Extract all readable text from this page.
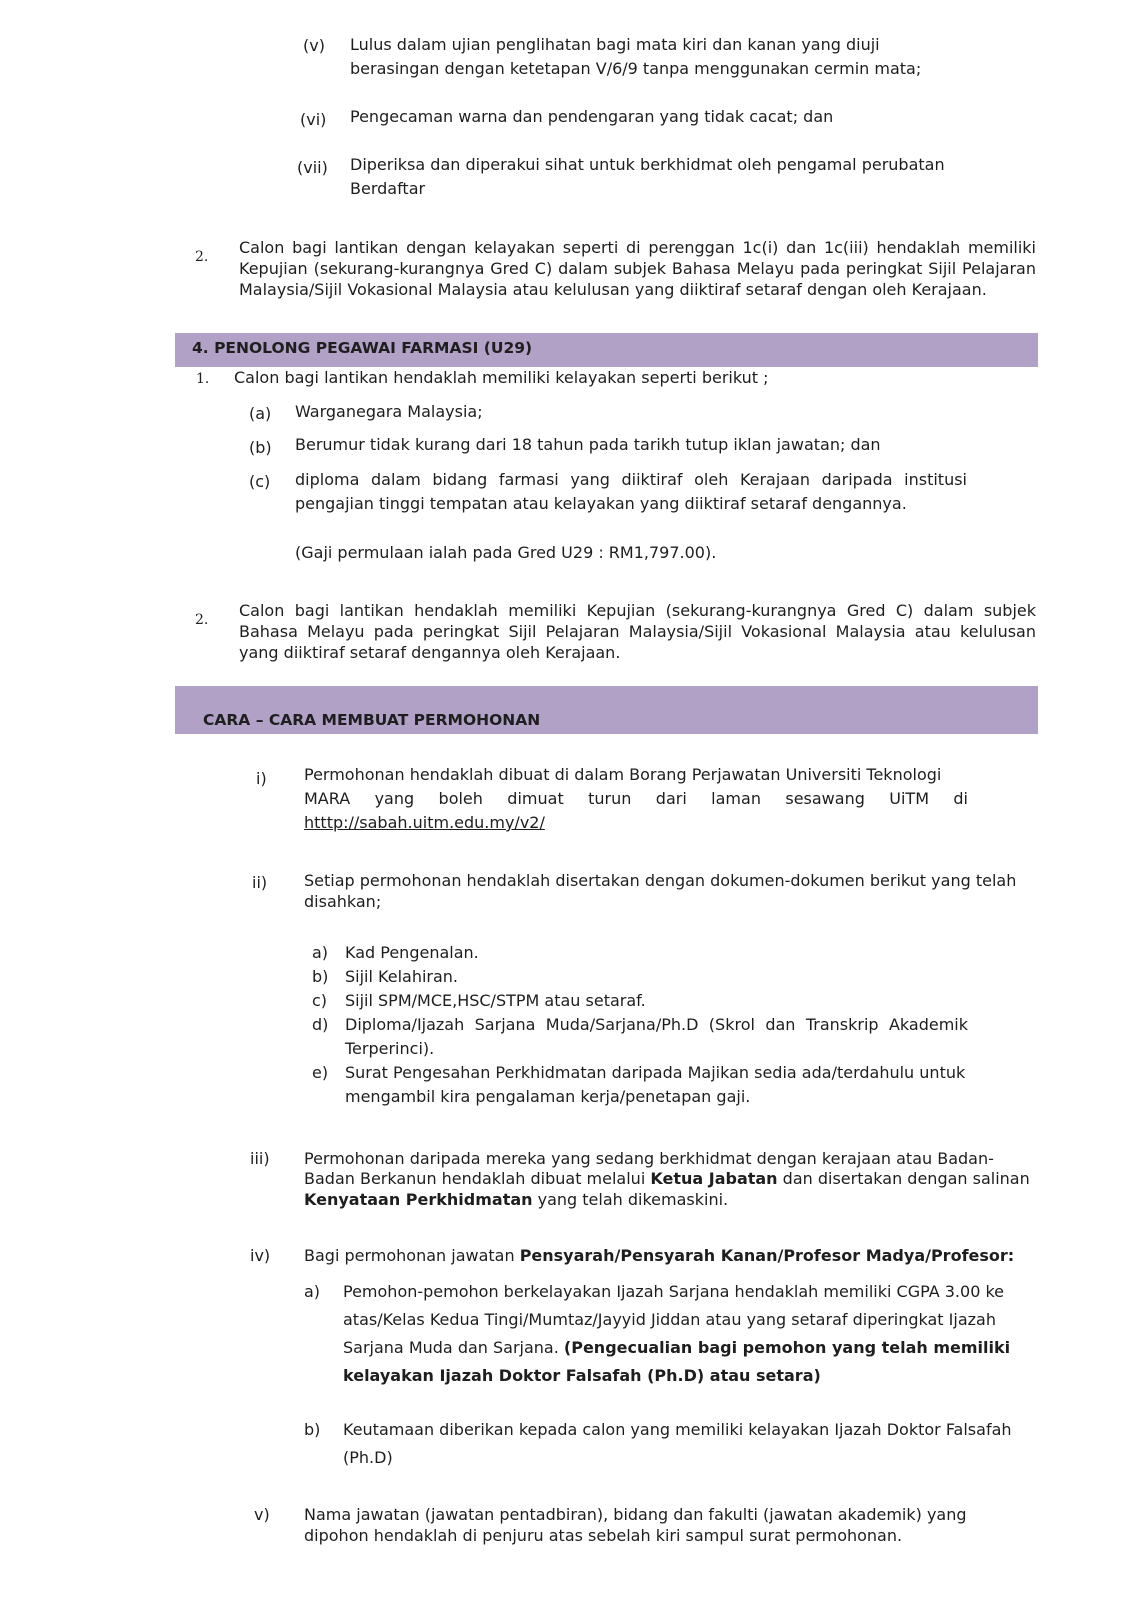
(v) Lulus dalam ujian penglihatan bagi mata kiri dan kanan yang diuji
berasingan dengan ketetapan V/6/9 tanpa menggunakan cermin mata;
(vi) Pengecaman warna dan pendengaran yang tidak cacat; dan
(vii) Diperiksa dan diperakui sihat untuk berkhidmat oleh pengamal perubatan
Berdaftar
2. Calon bagi lantikan dengan kelayakan seperti di perenggan 1c(i) dan 1c(iii) hendaklah memiliki
Kepujian (sekurang-kurangnya Gred C) dalam subjek Bahasa Melayu pada peringkat Sijil Pelajaran
Malaysia/Sijil Vokasional Malaysia atau kelulusan yang diiktiraf setaraf dengan oleh Kerajaan.
4. PENOLONG PEGAWAI FARMASI (U29)
1. Calon bagi lantikan hendaklah memiliki kelayakan seperti berikut ;
(a) Warganegara Malaysia;
(b) Berumur tidak kurang dari 18 tahun pada tarikh tutup iklan jawatan; dan
(c) diploma dalam bidang farmasi yang diiktiraf oleh Kerajaan daripada institusi
pengajian tinggi tempatan atau kelayakan yang diiktiraf setaraf dengannya.
(Gaji permulaan ialah pada Gred U29 : RM1,797.00).
2. Calon bagi lantikan hendaklah memiliki Kepujian (sekurang-kurangnya Gred C) dalam subjek
Bahasa Melayu pada peringkat Sijil Pelajaran Malaysia/Sijil Vokasional Malaysia atau kelulusan
yang diiktiraf setaraf dengannya oleh Kerajaan.
CARA – CARA MEMBUAT PERMOHONAN
i) Permohonan hendaklah dibuat di dalam Borang Perjawatan Universiti Teknologi
MARA yang boleh dimuat turun dari laman sesawang UiTM di
htttp://sabah.uitm.edu.my/v2/
ii) Setiap permohonan hendaklah disertakan dengan dokumen-dokumen berikut yang telah
disahkan;
a) Kad Pengenalan.
b) Sijil Kelahiran.
c) Sijil SPM/MCE,HSC/STPM atau setaraf.
d) Diploma/Ijazah Sarjana Muda/Sarjana/Ph.D (Skrol dan Transkrip Akademik
Terperinci).
e) Surat Pengesahan Perkhidmatan daripada Majikan sedia ada/terdahulu untuk
mengambil kira pengalaman kerja/penetapan gaji.
iii) Permohonan daripada mereka yang sedang berkhidmat dengan kerajaan atau Badan-
Badan Berkanun hendaklah dibuat melalui Ketua Jabatan dan disertakan dengan salinan
Kenyataan Perkhidmatan yang telah dikemaskini.
iv) Bagi permohonan jawatan Pensyarah/Pensyarah Kanan/Profesor Madya/Profesor:
a) Pemohon-pemohon berkelayakan Ijazah Sarjana hendaklah memiliki CGPA 3.00 ke
atas/Kelas Kedua Tingi/Mumtaz/Jayyid Jiddan atau yang setaraf diperingkat Ijazah
Sarjana Muda dan Sarjana. (Pengecualian bagi pemohon yang telah memiliki
kelayakan Ijazah Doktor Falsafah (Ph.D) atau setara)
b) Keutamaan diberikan kepada calon yang memiliki kelayakan Ijazah Doktor Falsafah
(Ph.D)
v) Nama jawatan (jawatan pentadbiran), bidang dan fakulti (jawatan akademik) yang
dipohon hendaklah di penjuru atas sebelah kiri sampul surat permohonan.
